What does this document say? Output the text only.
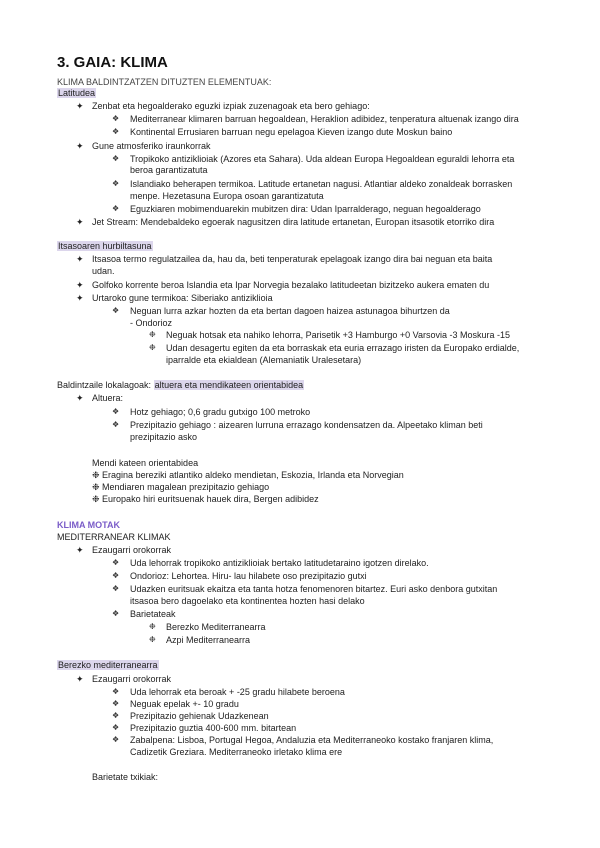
3. GAIA: KLIMA
KLIMA BALDINTZATZEN DITUZTEN ELEMENTUAK:
Latitudea
✦ Zenbat eta hegoalderako eguzki izpiak zuzenagoak eta bero gehiago:
❖ Mediterranear klimaren barruan hegoaldean, Heraklion adibidez, tenperatura altuenak izango dira
❖ Kontinental Errusiaren barruan negu epelagoa Kieven izango dute Moskun baino
✦ Gune atmosferiko iraunkorrak
❖ Tropikoko antiziklioiak (Azores eta Sahara). Uda aldean Europa Hegoaldean eguraldi lehorra eta
beroa garantizatuta
❖ Islandiako beherapen termikoa. Latitude ertanetan nagusi. Atlantiar aldeko zonaldeak borrasken
menpe. Hezetasuna Europa osoan garantizatuta
❖ Eguzkiaren mobimenduarekin mubitzen dira: Udan Iparralderago, neguan hegoalderago
✦ Jet Stream: Mendebaldeko egoerak nagusitzen dira latitude ertanetan, Europan itsasotik etorriko dira
Itsasoaren hurbiltasuna
✦ Itsasoa termo regulatzailea da, hau da, beti tenperaturak epelagoak izango dira bai neguan eta baita
udan.
✦ Golfoko korrente beroa Islandia eta Ipar Norvegia bezalako latitudeetan bizitzeko aukera ematen du
✦ Urtaroko gune termikoa: Siberiako antiziklioia
❖ Neguan lurra azkar hozten da eta bertan dagoen haizea astunagoa bihurtzen da
- Ondorioz
❉ Neguak hotsak eta nahiko lehorra, Parisetik +3 Hamburgo +0 Varsovia -3 Moskura -15
❉ Udan desagertu egiten da eta borraskak eta euria errazago iristen da Europako erdialde,
iparralde eta ekialdean (Alemaniatik Uralesetara)
Baldintzaile lokalagoak: altuera eta mendikateen orientabidea
✦ Altuera:
❖ Hotz gehiago; 0,6 gradu gutxigo 100 metroko
❖ Prezipitazio gehiago : aizearen lurruna errazago kondensatzen da. Alpeetako kliman beti
prezipitazio asko
Mendi kateen orientabidea
❉ Eragina bereziki atlantiko aldeko mendietan, Eskozia, Irlanda eta Norvegian
❉ Mendiaren magalean prezipitazio gehiago
❉ Europako hiri euritsuenak hauek dira, Bergen adibidez
KLIMA MOTAK
MEDITERRANEAR KLIMAK
✦ Ezaugarri orokorrak
❖ Uda lehorrak tropikoko antiziklioiak bertako latitudetaraino igotzen direlako.
❖ Ondorioz: Lehortea. Hiru- lau hilabete oso prezipitazio gutxi
❖ Udazken euritsuak ekaitza eta tanta hotza fenomenoren bitartez. Euri asko denbora gutxitan
itsasoa bero dagoelako eta kontinentea hozten hasi delako
❖ Barietateak
❉ Berezko Mediterranearra
❉ Azpi Mediterranearra
Berezko mediterranearra
✦ Ezaugarri orokorrak
❖ Uda lehorrak eta beroak + -25 gradu hilabete beroena
❖ Neguak epelak +- 10 gradu
❖ Prezipitazio gehienak Udazkenean
❖ Prezipitazio guztia 400-600 mm. bitartean
❖ Zabalpena: Lisboa, Portugal Hegoa, Andaluzia eta Mediterraneoko kostako franjaren klima,
Cadizetik Greziara. Mediterraneoko irletako klima ere
Barietate txikiak:
